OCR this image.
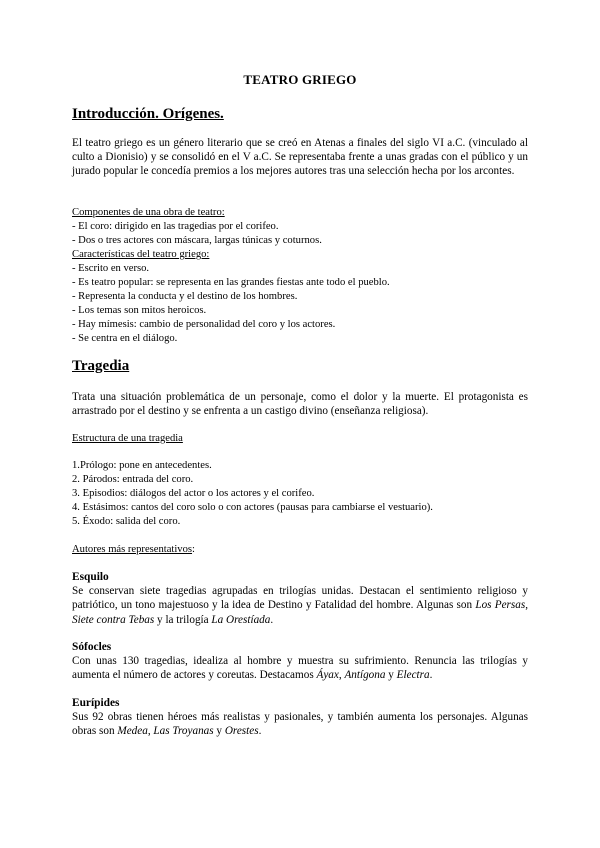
TEATRO GRIEGO
Introducción. Orígenes.
El teatro griego es un género literario que se creó en Atenas a finales del siglo VI a.C. (vinculado al culto a Dionisio) y se consolidó en el V a.C. Se representaba frente a unas gradas con el público y un jurado popular le concedía premios a los mejores autores tras una selección hecha por los arcontes.
Componentes de una obra de teatro:
- El coro: dirigido en las tragedias por el corifeo.
- Dos o tres actores con máscara, largas túnicas y coturnos.
Características del teatro griego:
- Escrito en verso.
- Es teatro popular: se representa en las grandes fiestas ante todo el pueblo.
- Representa la conducta y el destino de los hombres.
- Los temas son mitos heroicos.
- Hay mímesis: cambio de personalidad del coro y los actores.
- Se centra en el diálogo.
Tragedia
Trata una situación problemática de un personaje, como el dolor y la muerte. El protagonista es arrastrado por el destino y se enfrenta a un castigo divino (enseñanza religiosa).
Estructura de una tragedia
1.Prólogo: pone en antecedentes.
2. Párodos: entrada del coro.
3. Episodios: diálogos del actor o los actores y el corifeo.
4. Estásimos: cantos del coro solo o con actores (pausas para cambiarse el vestuario).
5. Éxodo: salida del coro.
Autores más representativos:
Esquilo
Se conservan siete tragedias agrupadas en trilogías unidas. Destacan el sentimiento religioso y patriótico, un tono majestuoso y la idea de Destino y Fatalidad del hombre. Algunas son Los Persas, Siete contra Tebas y la trilogía La Orestíada.
Sófocles
Con unas 130 tragedias, idealiza al hombre y muestra su sufrimiento. Renuncia las trilogías y aumenta el número de actores y coreutas. Destacamos Áyax, Antígona y Electra.
Eurípides
Sus 92 obras tienen héroes más realistas y pasionales, y también aumenta los personajes. Algunas obras son Medea, Las Troyanas y Orestes.
